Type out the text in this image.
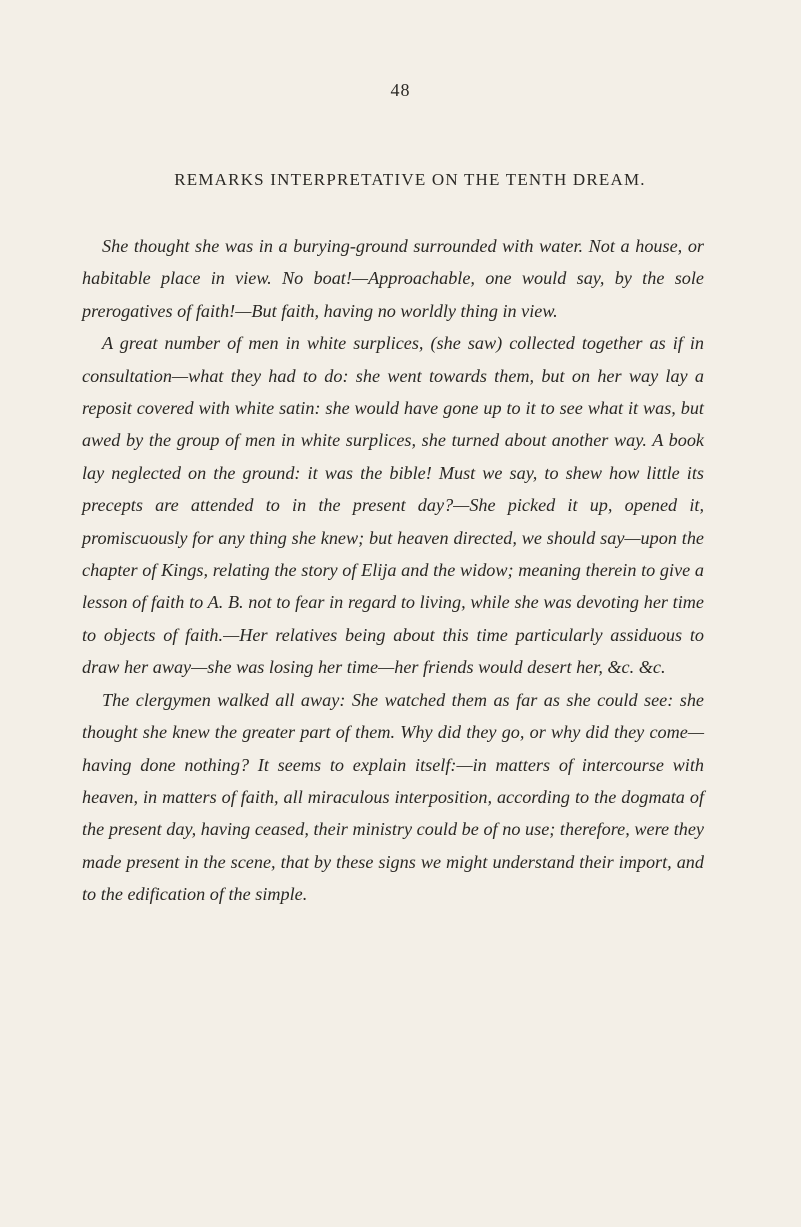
48
REMARKS INTERPRETATIVE ON THE TENTH DREAM.

She thought she was in a burying-ground surrounded with water. Not a house, or habitable place in view. No boat!—Approachable, one would say, by the sole prerogatives of faith!—But faith, having no worldly thing in view.

A great number of men in white surplices, (she saw) collected together as if in consultation—what they had to do: she went towards them, but on her way lay a reposit covered with white satin: she would have gone up to it to see what it was, but awed by the group of men in white surplices, she turned about another way. A book lay neglected on the ground: it was the bible! Must we say, to shew how little its precepts are attended to in the present day?—She picked it up, opened it, promiscuously for any thing she knew; but heaven directed, we should say—upon the chapter of Kings, relating the story of Elija and the widow; meaning therein to give a lesson of faith to A. B. not to fear in regard to living, while she was devoting her time to objects of faith.—Her relatives being about this time particularly assiduous to draw her away—she was losing her time—her friends would desert her, &c. &c.

The clergymen walked all away: She watched them as far as she could see: she thought she knew the greater part of them. Why did they go, or why did they come—having done nothing? It seems to explain itself:—in matters of intercourse with heaven, in matters of faith, all miraculous interposition, according to the dogmata of the present day, having ceased, their ministry could be of no use; therefore, were they made present in the scene, that by these signs we might understand their import, and to the edification of the simple.
